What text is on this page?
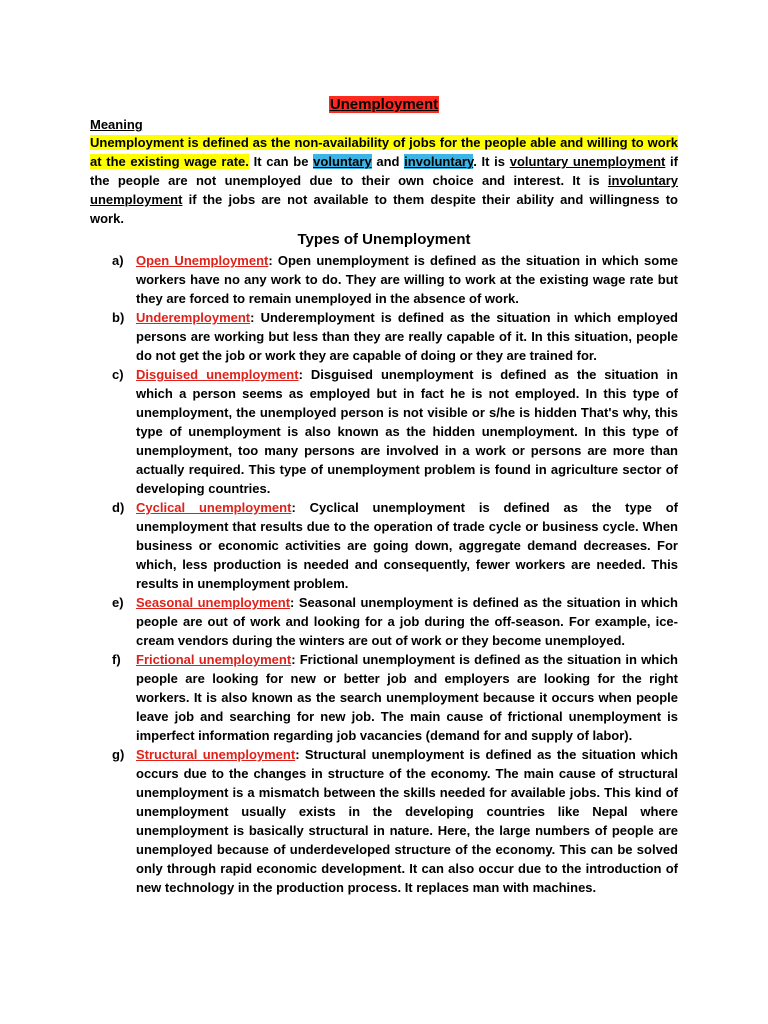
Unemployment
Meaning
Unemployment is defined as the non-availability of jobs for the people able and willing to work at the existing wage rate. It can be voluntary and involuntary. It is voluntary unemployment if the people are not unemployed due to their own choice and interest. It is involuntary unemployment if the jobs are not available to them despite their ability and willingness to work.
Types of Unemployment
a) Open Unemployment: Open unemployment is defined as the situation in which some workers have no any work to do. They are willing to work at the existing wage rate but they are forced to remain unemployed in the absence of work.
b) Underemployment: Underemployment is defined as the situation in which employed persons are working but less than they are really capable of it. In this situation, people do not get the job or work they are capable of doing or they are trained for.
c) Disguised unemployment: Disguised unemployment is defined as the situation in which a person seems as employed but in fact he is not employed. In this type of unemployment, the unemployed person is not visible or s/he is hidden That's why, this type of unemployment is also known as the hidden unemployment. In this type of unemployment, too many persons are involved in a work or persons are more than actually required. This type of unemployment problem is found in agriculture sector of developing countries.
d) Cyclical unemployment: Cyclical unemployment is defined as the type of unemployment that results due to the operation of trade cycle or business cycle. When business or economic activities are going down, aggregate demand decreases. For which, less production is needed and consequently, fewer workers are needed. This results in unemployment problem.
e) Seasonal unemployment: Seasonal unemployment is defined as the situation in which people are out of work and looking for a job during the off-season. For example, ice-cream vendors during the winters are out of work or they become unemployed.
f) Frictional unemployment: Frictional unemployment is defined as the situation in which people are looking for new or better job and employers are looking for the right workers. It is also known as the search unemployment because it occurs when people leave job and searching for new job. The main cause of frictional unemployment is imperfect information regarding job vacancies (demand for and supply of labor).
g) Structural unemployment: Structural unemployment is defined as the situation which occurs due to the changes in structure of the economy. The main cause of structural unemployment is a mismatch between the skills needed for available jobs. This kind of unemployment usually exists in the developing countries like Nepal where unemployment is basically structural in nature. Here, the large numbers of people are unemployed because of underdeveloped structure of the economy. This can be solved only through rapid economic development. It can also occur due to the introduction of new technology in the production process. It replaces man with machines.
